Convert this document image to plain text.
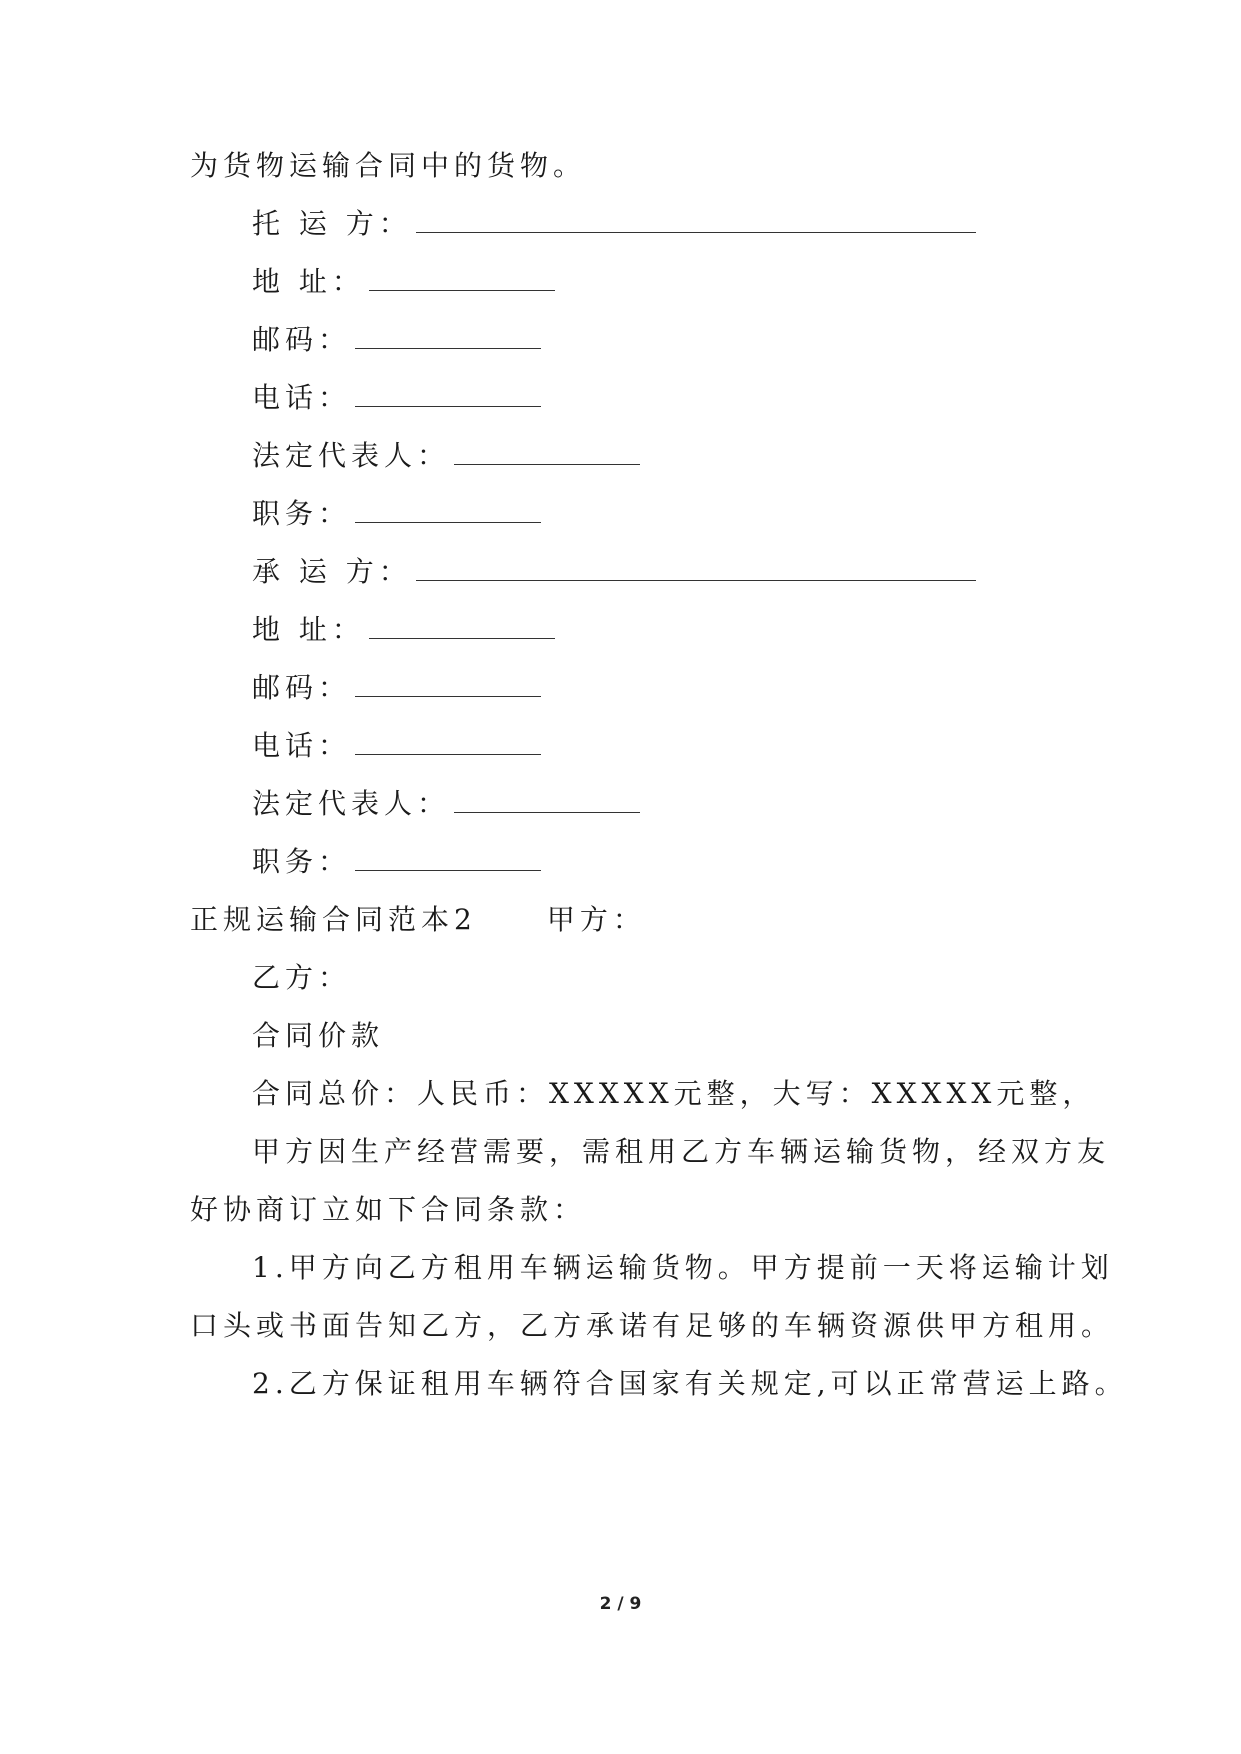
为货物运输合同中的货物。
托 运 方：
地 址：
邮码：
电话：
法定代表人：
职务：
承 运 方：
地 址：
邮码：
电话：
法定代表人：
职务：
正规运输合同范本2	甲方：
乙方：
合同价款
合同总价：人民币：XXXXX元整，大写：XXXXX元整，
甲方因生产经营需要，需租用乙方车辆运输货物，经双方友
好协商订立如下合同条款：
1.甲方向乙方租用车辆运输货物。甲方提前一天将运输计划
口头或书面告知乙方，乙方承诺有足够的车辆资源供甲方租用。
2.乙方保证租用车辆符合国家有关规定,可以正常营运上路。
2 / 9
